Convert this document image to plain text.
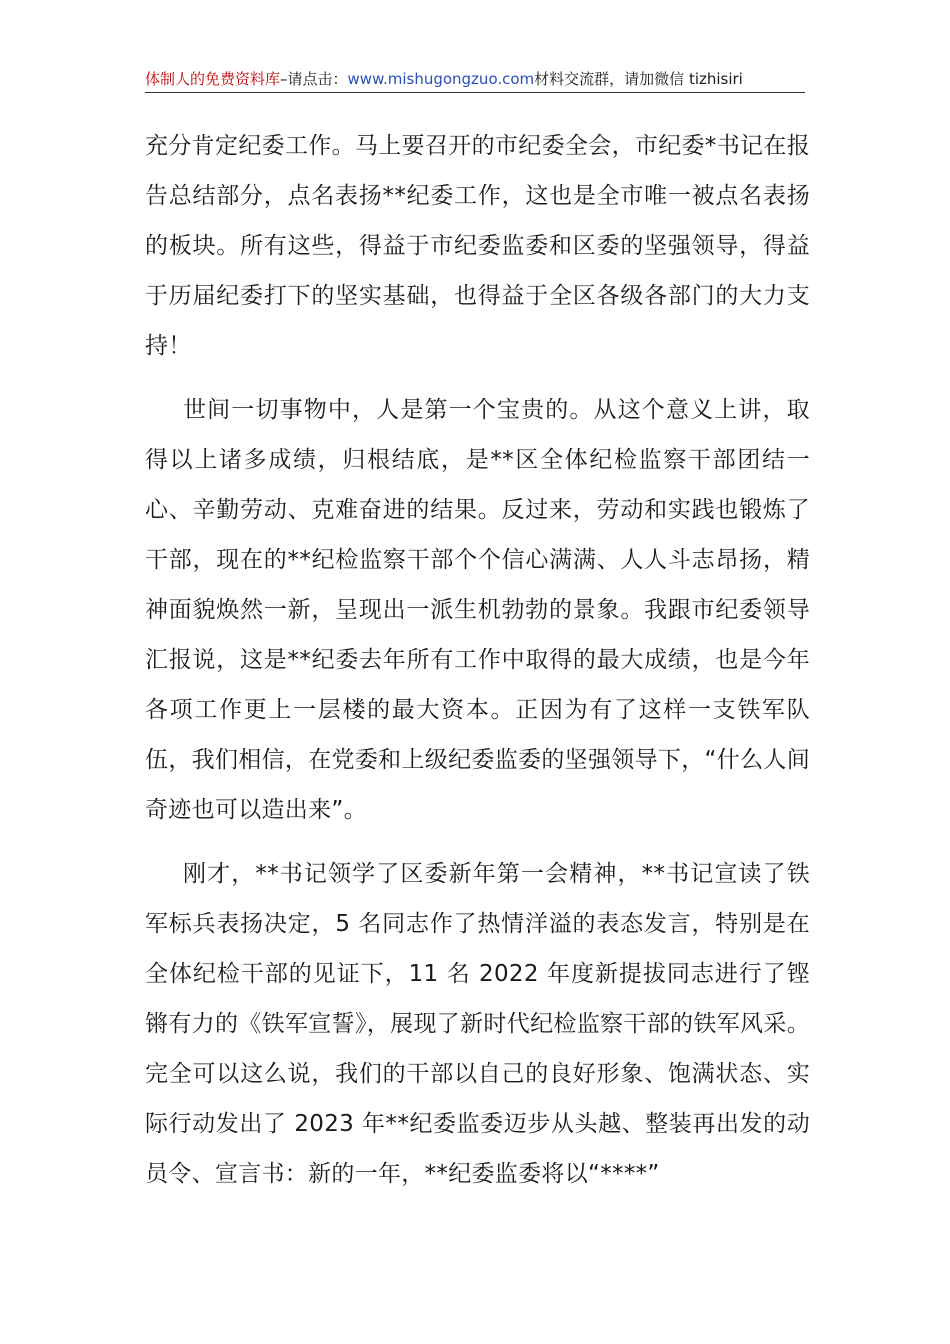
体制人的免费资料库–请点击：www.mishugongzuo.com材料交流群，请加微信 tizhisiri

充分肯定纪委工作。马上要召开的市纪委全会，市纪委*书记在报告总结部分，点名表扬**纪委工作，这也是全市唯一被点名表扬的板块。所有这些，得益于市纪委监委和区委的坚强领导，得益于历届纪委打下的坚实基础，也得益于全区各级各部门的大力支持！

世间一切事物中，人是第一个宝贵的。从这个意义上讲，取得以上诸多成绩，归根结底，是**区全体纪检监察干部团结一心、辛勤劳动、克难奋进的结果。反过来，劳动和实践也锻炼了干部，现在的**纪检监察干部个个信心满满、人人斗志昂扬，精神面貌焕然一新，呈现出一派生机勃勃的景象。我跟市纪委领导汇报说，这是**纪委去年所有工作中取得的最大成绩，也是今年各项工作更上一层楼的最大资本。正因为有了这样一支铁军队伍，我们相信，在党委和上级纪委监委的坚强领导下，“什么人间奇迹也可以造出来”。

刚才，**书记领学了区委新年第一会精神，**书记宣读了铁军标兵表扬决定，5 名同志作了热情洋溢的表态发言，特别是在全体纪检干部的见证下，11 名 2022 年度新提拔同志进行了铿锵有力的《铁军宣誓》，展现了新时代纪检监察干部的铁军风采。完全可以这么说，我们的干部以自己的良好形象、饱满状态、实际行动发出了 2023 年**纪委监委迈步从头越、整装再出发的动员令、宣言书：新的一年，**纪委监委将以“****”
